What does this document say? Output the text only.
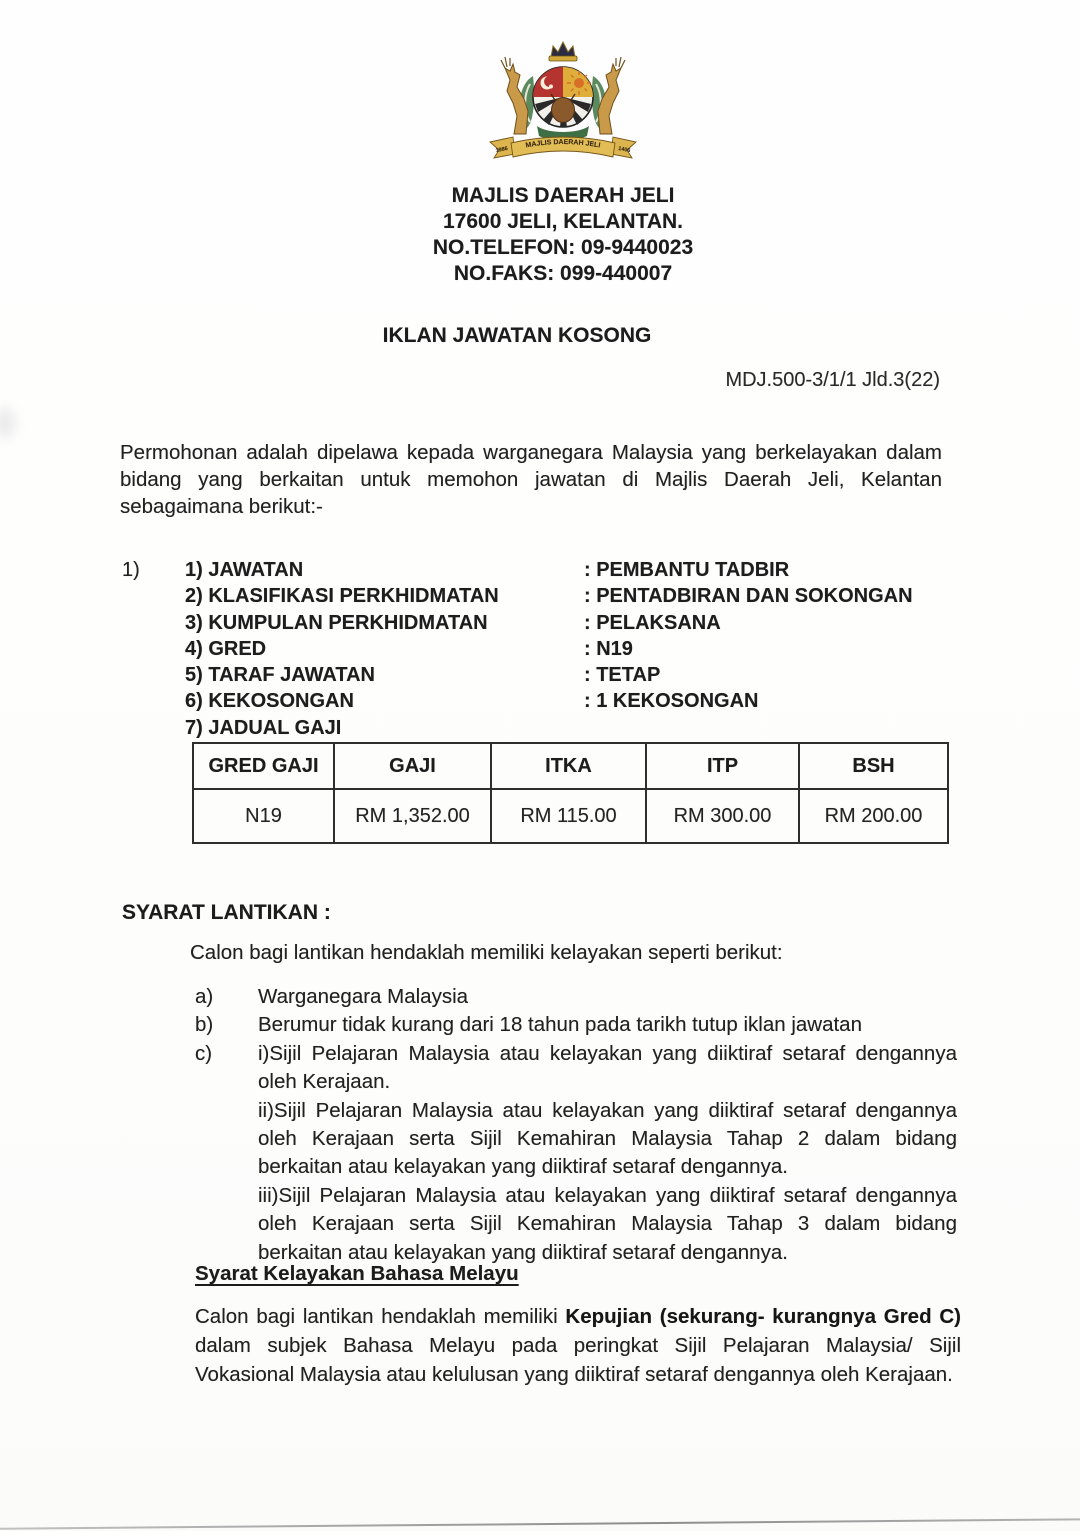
MAJLIS DAERAH JELI
1986	1406
MAJLIS DAERAH JELI
17600 JELI, KELANTAN.
NO.TELEFON: 09-9440023
NO.FAKS: 099-440007
IKLAN JAWATAN KOSONG
MDJ.500-3/1/1 Jld.3(22)
Permohonan adalah dipelawa kepada warganegara Malaysia yang berkelayakan dalam bidang yang berkaitan untuk memohon jawatan di Majlis Daerah Jeli, Kelantan sebagaimana berikut:-
1)	1) JAWATAN	: PEMBANTU TADBIR
2) KLASIFIKASI PERKHIDMATAN	: PENTADBIRAN DAN SOKONGAN
3) KUMPULAN PERKHIDMATAN	: PELAKSANA
4) GRED	: N19
5) TARAF JAWATAN	: TETAP
6) KEKOSONGAN	: 1 KEKOSONGAN
7) JADUAL GAJI
GRED GAJI	GAJI	ITKA	ITP	BSH
N19	RM 1,352.00	RM 115.00	RM 300.00	RM 200.00
SYARAT LANTIKAN :
Calon bagi lantikan hendaklah memiliki kelayakan seperti berikut:
a)	Warganegara Malaysia

b)	Berumur tidak kurang dari 18 tahun pada tarikh tutup iklan jawatan

c)	i)Sijil Pelajaran Malaysia atau kelayakan yang diiktiraf setaraf dengannya oleh Kerajaan.

ii)Sijil Pelajaran Malaysia atau kelayakan yang diiktiraf setaraf dengannya oleh Kerajaan serta Sijil Kemahiran Malaysia Tahap 2 dalam bidang berkaitan atau kelayakan yang diiktiraf setaraf dengannya.

iii)Sijil Pelajaran Malaysia atau kelayakan yang diiktiraf setaraf dengannya oleh Kerajaan serta Sijil Kemahiran Malaysia Tahap 3 dalam bidang berkaitan atau kelayakan yang diiktiraf setaraf dengannya.

Syarat Kelayakan Bahasa Melayu
Calon bagi lantikan hendaklah memiliki Kepujian (sekurang- kurangnya Gred C) dalam subjek Bahasa Melayu pada peringkat Sijil Pelajaran Malaysia/ Sijil Vokasional Malaysia atau kelulusan yang diiktiraf setaraf dengannya oleh Kerajaan.
